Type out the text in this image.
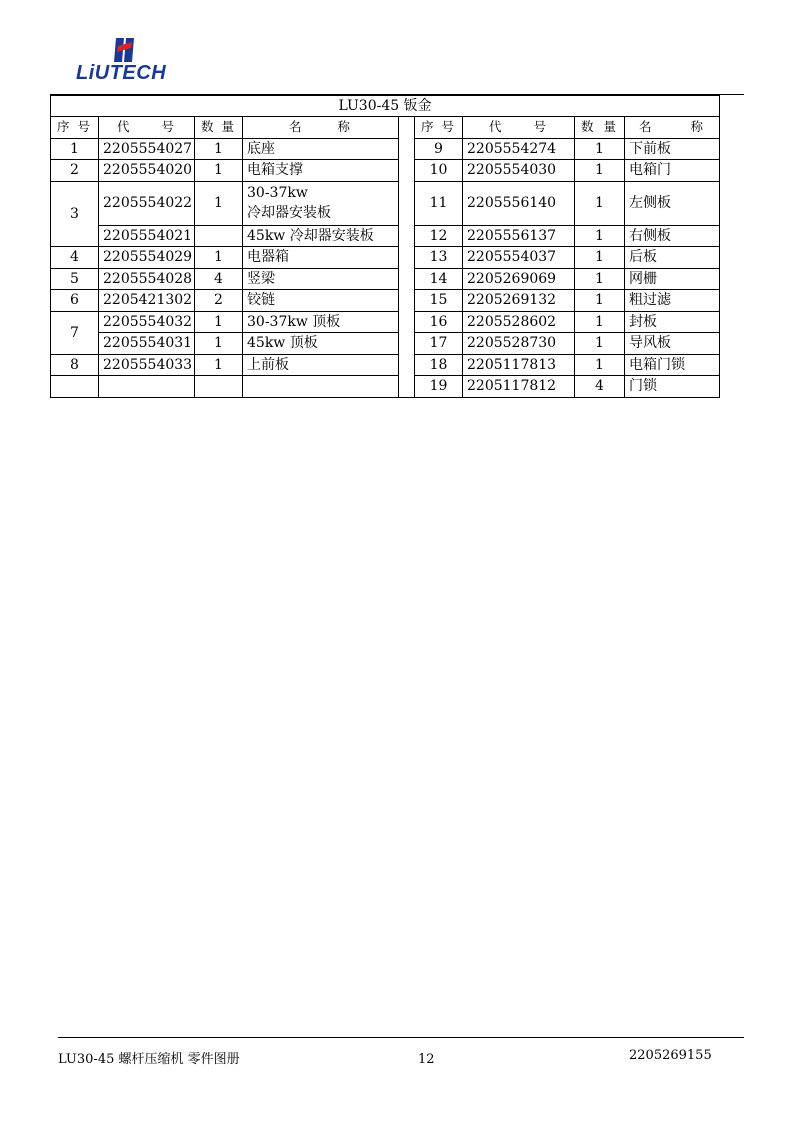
LiUTECH
LU30-45 钣金								

序 号	代 号	数 量	名 称		序 号	代 号	数 量	名 称

1	2205554027	1	底座		9	2205554274	1	下前板
2	2205554020	1	电箱支撑		10	2205554030	1	电箱门
3	2205554022	1	30-37kw
冷却器安装板		11	2205556140	1	左侧板
	2205554021		45kw 冷却器安装板		12	2205556137	1	右侧板
4	2205554029	1	电器箱		13	2205554037	1	后板
5	2205554028	4	竖梁		14	2205269069	1	网栅
6	2205421302	2	铰链		15	2205269132	1	粗过滤
7	2205554032	1	30-37kw 顶板		16	2205528602	1	封板
	2205554031	1	45kw 顶板		17	2205528730	1	导风板
8	2205554033	1	上前板		18	2205117813	1	电箱门锁
					19	2205117812	4	门锁
LU30-45 螺杆压缩机 零件图册	12	2205269155
